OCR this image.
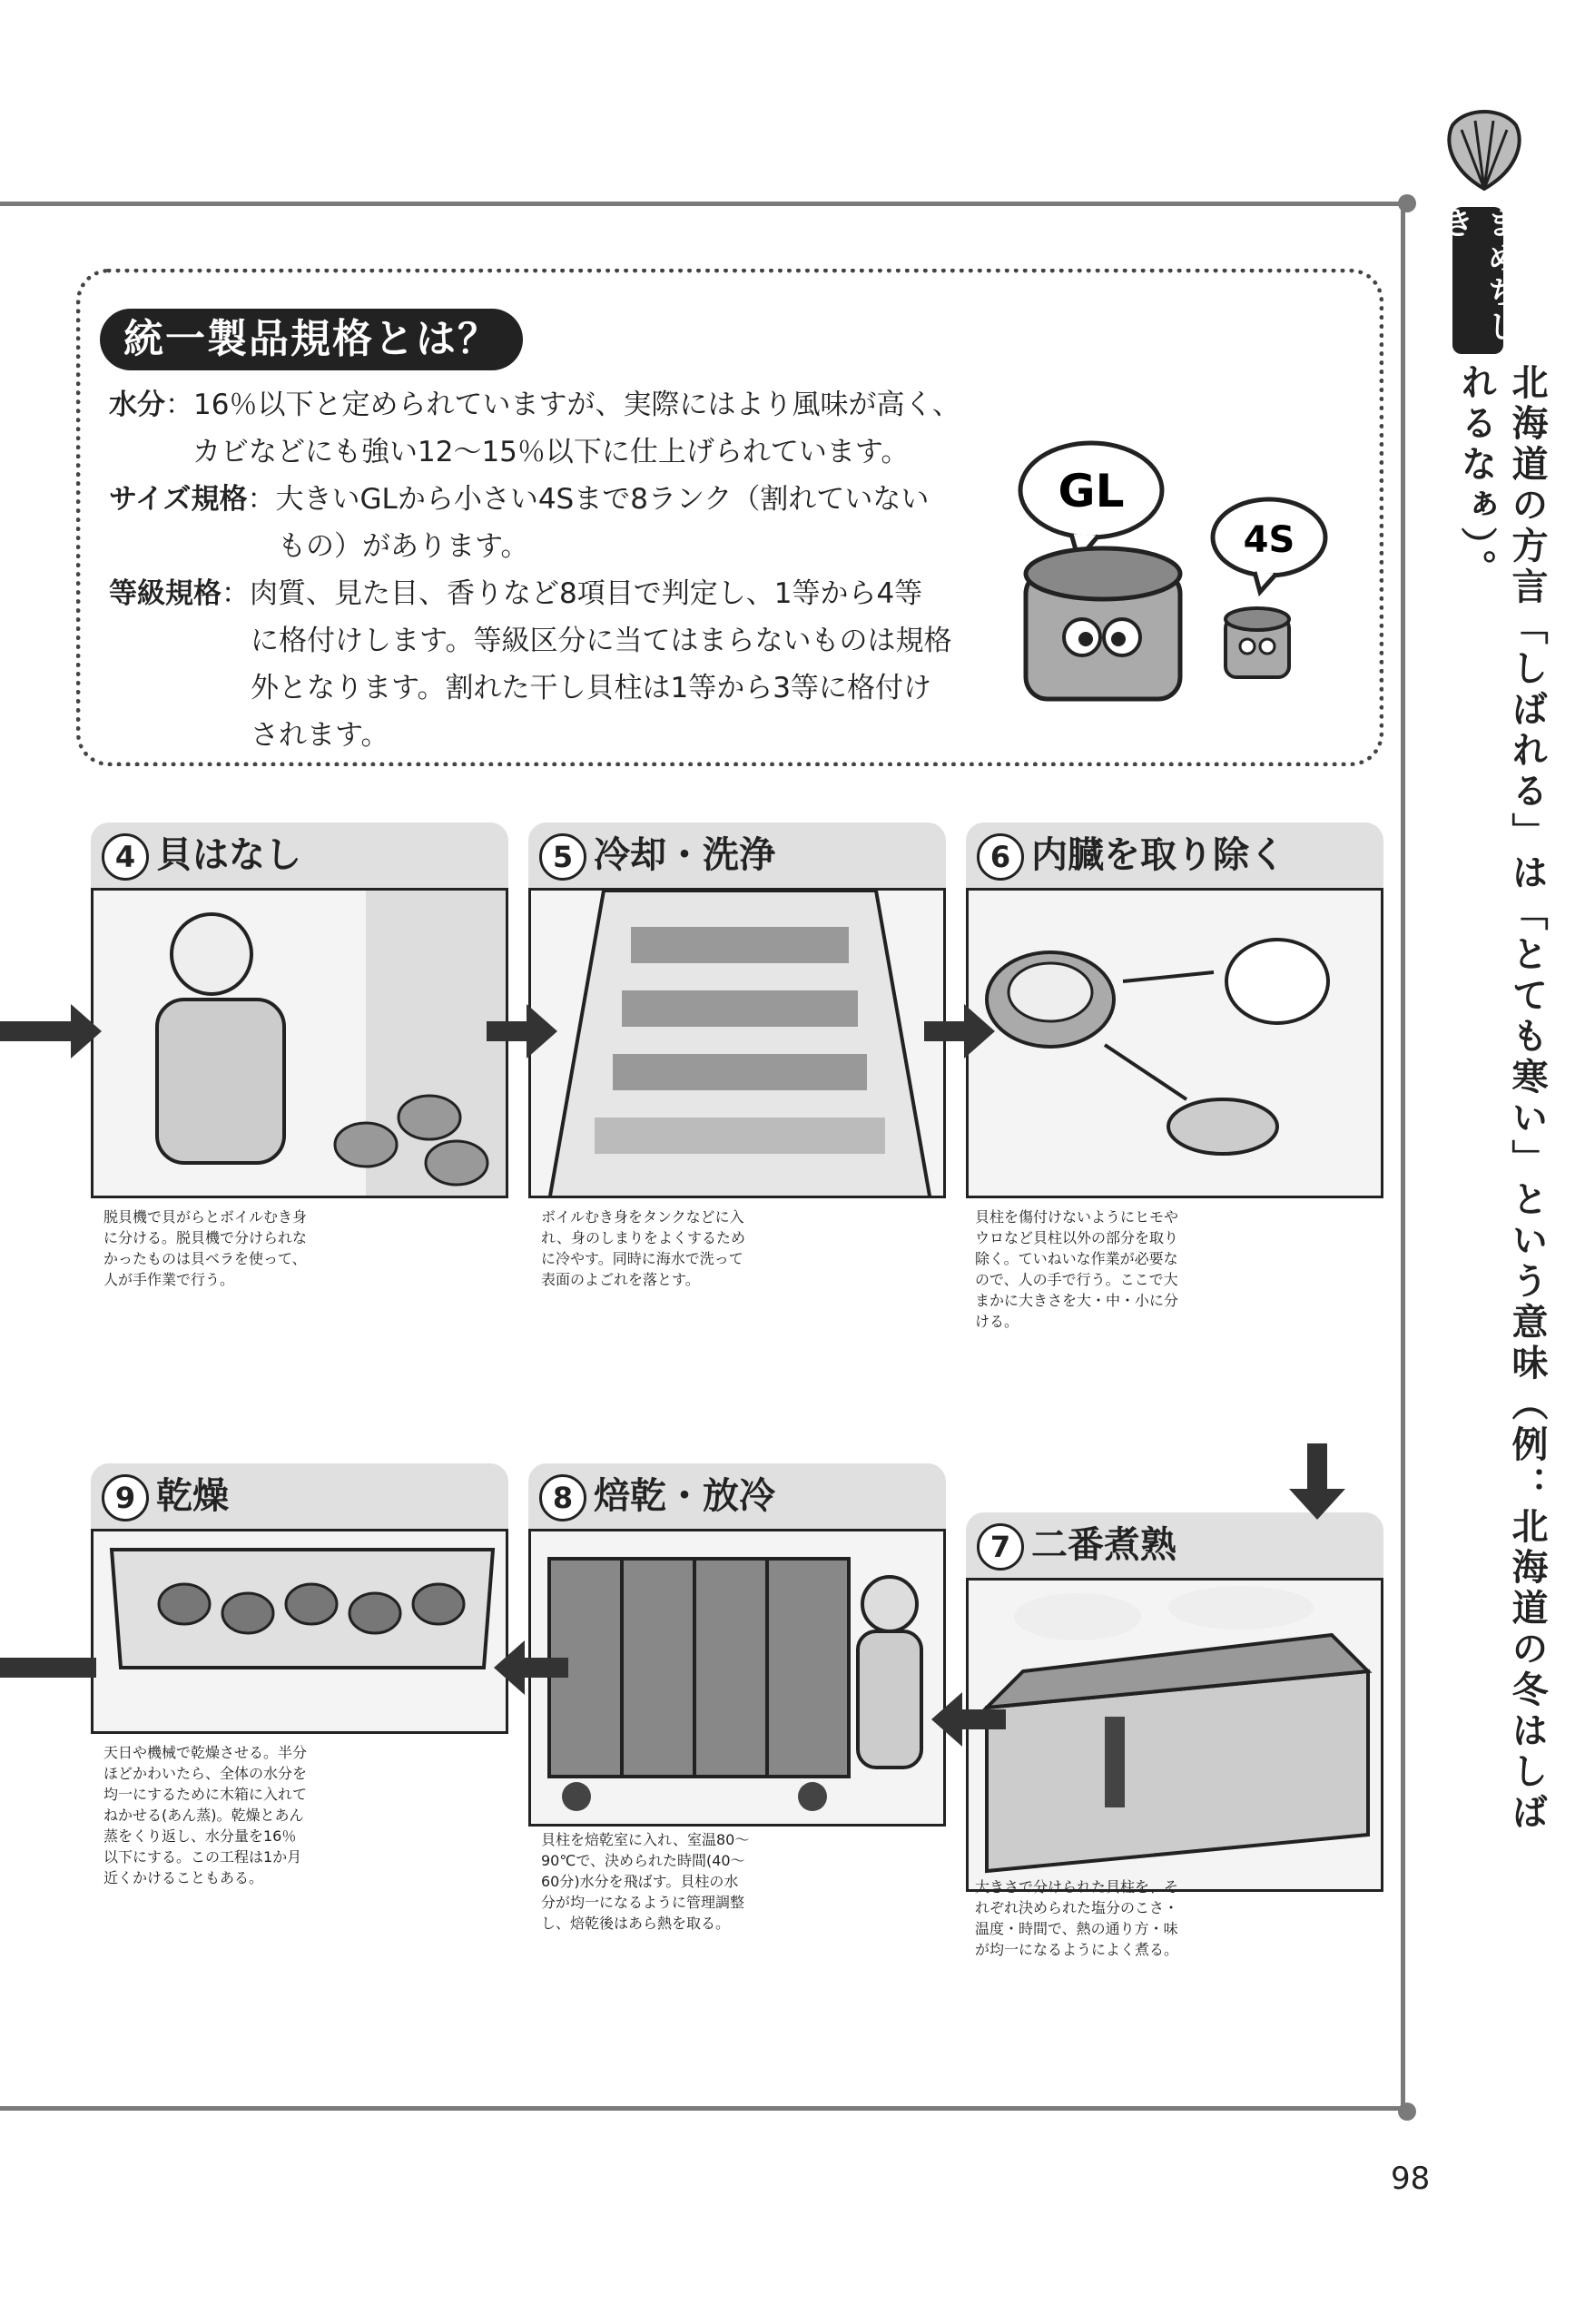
統一製品規格とは？
水分：16％以下と定められていますが、実際にはより風味が高く、
カビなどにも強い12～15％以下に仕上げられています。
サイズ規格：大きいGLから小さい4Sまで8ランク（割れていない
もの）があります。
等級規格：肉質、見た目、香りなど8項目で判定し、1等から4等
に格付けします。等級区分に当てはまらないものは規格
外となります。割れた干し貝柱は1等から3等に格付け
されます。
GL
4S
4 貝はなし
脱貝機で貝がらとボイルむき身
に分ける。脱貝機で分けられな
かったものは貝ベラを使って、
人が手作業で行う。
5 冷却・洗浄
ボイルむき身をタンクなどに入
れ、身のしまりをよくするため
に冷やす。同時に海水で洗って
表面のよごれを落とす。
6 内臓を取り除く
貝柱を傷付けないようにヒモや
ウロなど貝柱以外の部分を取り
除く。ていねいな作業が必要な
ので、人の手で行う。ここで大
まかに大きさを大・中・小に分
ける。
9 乾燥
天日や機械で乾燥させる。半分
ほどかわいたら、全体の水分を
均一にするために木箱に入れて
ねかせる(あん蒸)。乾燥とあん
蒸をくり返し、水分量を16％
以下にする。この工程は1か月
近くかけることもある。
8 焙乾・放冷
貝柱を焙乾室に入れ、室温80～
90℃で、決められた時間(40～
60分)水分を飛ばす。貝柱の水
分が均一になるように管理調整
し、焙乾後はあら熱を取る。
7 二番煮熟
大きさで分けられた貝柱を、そ
れぞれ決められた塩分のこさ・
温度・時間で、熱の通り方・味
が均一になるようによく煮る。
まめちしき
北海道の方言「しばれる」は「とても寒い」という意味（例：北海道の冬はしばれるなぁ）。
98
